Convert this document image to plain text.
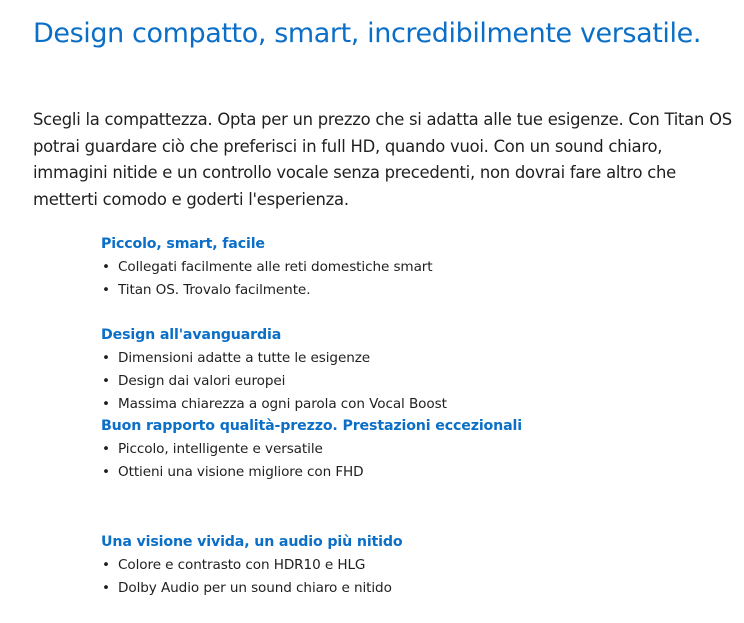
Design compatto, smart, incredibilmente versatile.

Scegli la compattezza. Opta per un prezzo che si adatta alle tue esigenze. Con Titan OS potrai guardare ciò che preferisci in full HD, quando vuoi. Con un sound chiaro, immagini nitide e un controllo vocale senza precedenti, non dovrai fare altro che metterti comodo e goderti l'esperienza.

Piccolo, smart, facile
• Collegati facilmente alle reti domestiche smart
• Titan OS. Trovalo facilmente.
Design all'avanguardia
• Dimensioni adatte a tutte le esigenze
• Design dai valori europei
• Massima chiarezza a ogni parola con Vocal Boost
Buon rapporto qualità-prezzo. Prestazioni eccezionali
• Piccolo, intelligente e versatile
• Ottieni una visione migliore con FHD
Una visione vivida, un audio più nitido
• Colore e contrasto con HDR10 e HLG
• Dolby Audio per un sound chiaro e nitido
